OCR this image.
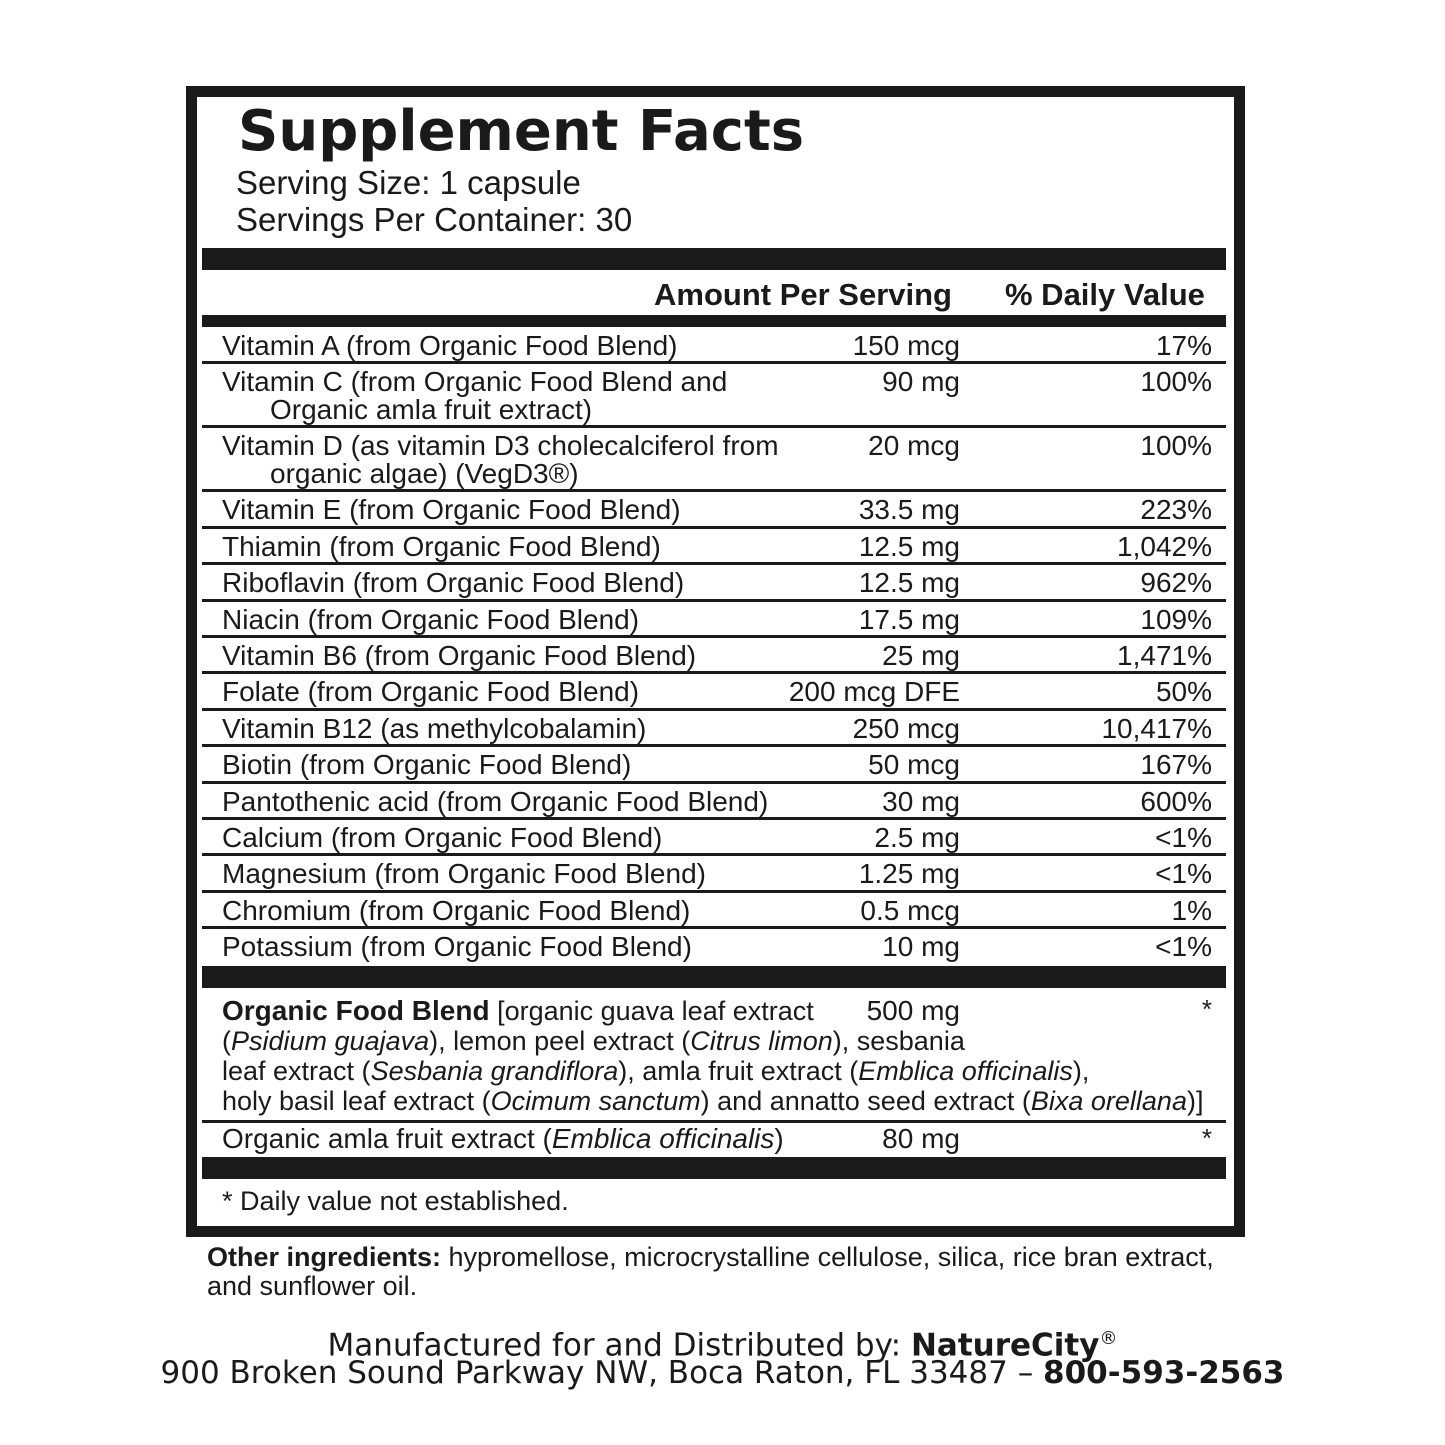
Supplement Facts
Serving Size: 1 capsule
Servings Per Container: 30
Amount Per Serving % Daily Value
Vitamin A (from Organic Food Blend)	150 mcg	17%
Vitamin C (from Organic Food Blend and
Organic amla fruit extract)
90 mg	100%
Vitamin D (as vitamin D3 cholecalciferol from
organic algae) (VegD3®)
20 mcg	100%
Vitamin E (from Organic Food Blend)	33.5 mg	223%
Thiamin (from Organic Food Blend)	12.5 mg	1,042%
Riboflavin (from Organic Food Blend)	12.5 mg	962%
Niacin (from Organic Food Blend)	17.5 mg	109%
Vitamin B6 (from Organic Food Blend)	25 mg	1,471%
Folate (from Organic Food Blend)	200 mcg DFE	50%
Vitamin B12 (as methylcobalamin)	250 mcg	10,417%
Biotin (from Organic Food Blend)	50 mcg	167%
Pantothenic acid (from Organic Food Blend)	30 mg	600%
Calcium (from Organic Food Blend)	2.5 mg	<1%
Magnesium (from Organic Food Blend)	1.25 mg	<1%
Chromium (from Organic Food Blend)	0.5 mcg	1%
Potassium (from Organic Food Blend)	10 mg	<1%
Organic Food Blend [organic guava leaf extract
(Psidium guajava), lemon peel extract (Citrus limon), sesbania
leaf extract (Sesbania grandiflora), amla fruit extract (Emblica officinalis),
holy basil leaf extract (Ocimum sanctum) and annatto seed extract (Bixa orellana)]
500 mg	*
Organic amla fruit extract (Emblica officinalis)	80 mg	*
* Daily value not established.
Other ingredients: hypromellose, microcrystalline cellulose, silica, rice bran extract, and sunflower oil.
Manufactured for and Distributed by: NatureCity®
900 Broken Sound Parkway NW, Boca Raton, FL 33487 – 800-593-2563
